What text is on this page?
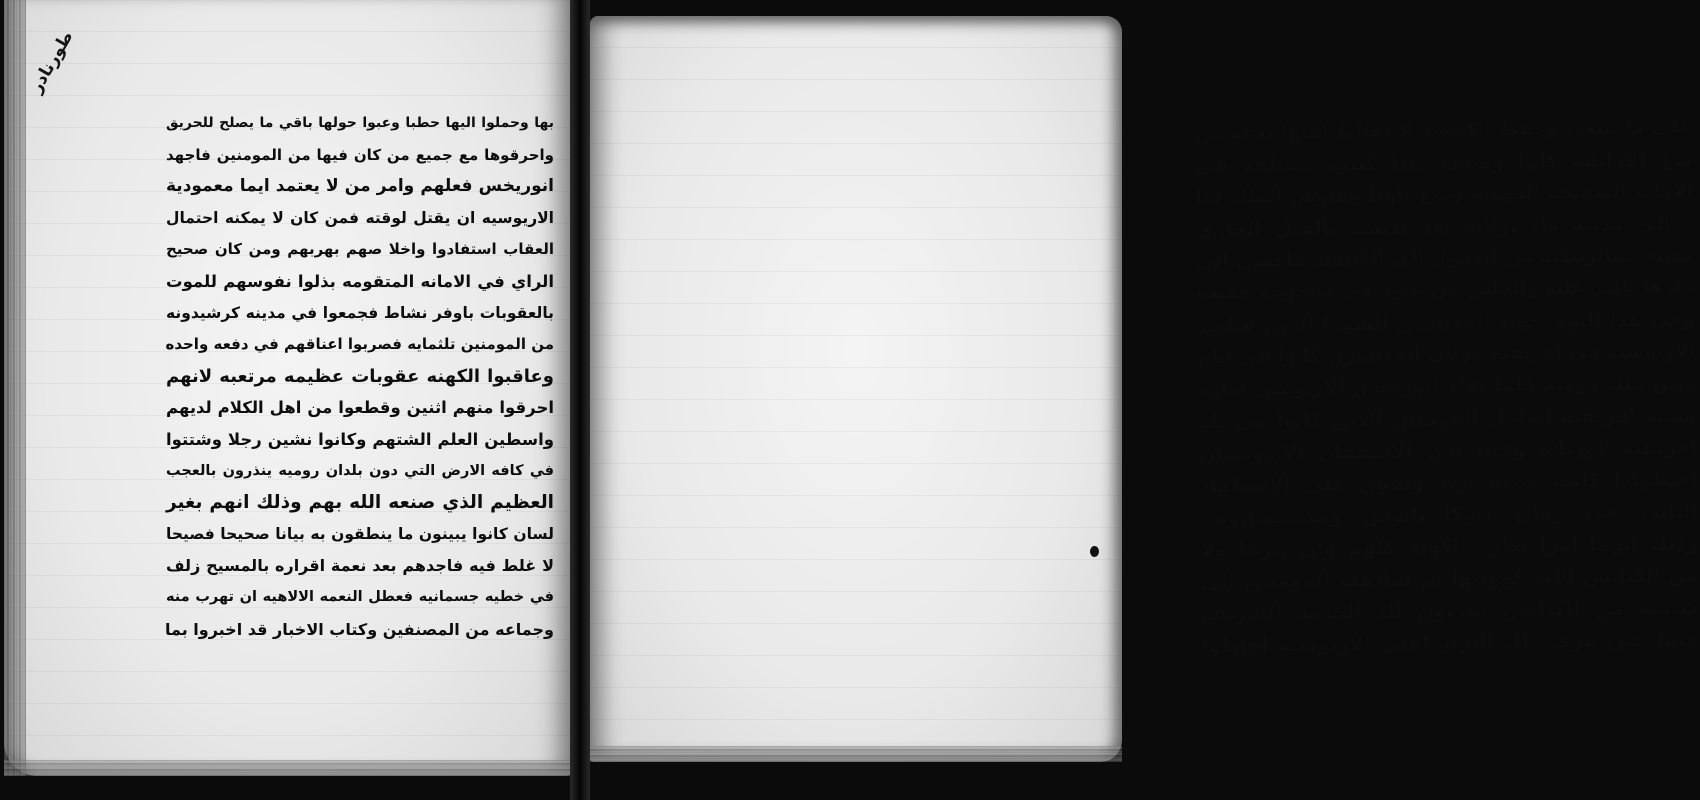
طورنادر
بها وحملوا اليها حطبا وعبوا حولها باقي ما يصلح للحريق
واحرقوها مع جميع من كان فيها من المومنين فاجهد
انوريخس فعلهم وامر من لا يعتمد ايما معمودية
الاريوسيه ان يقتل لوقته فمن كان لا يمكنه احتمال
العقاب استفادوا واخلا صهم بهربهم ومن كان صحيح
الراي في الامانه المتقومه بذلوا نفوسهم للموت
بالعقوبات باوفر نشاط فجمعوا في مدينه كرشيدونه
من المومنين تلثمايه فصربوا اعناقهم في دفعه واحده
وعاقبوا الكهنه عقوبات عظيمه مرتعبه لانهم
احرقوا منهم اثنين وقطعوا من اهل الكلام لديهم
واسطين العلم الشتهم وكانوا نشين رجلا وشتتوا
في كافه الارض التي دون بلدان روميه ينذرون بالعجب
العظيم الذي صنعه الله بهم وذلك انهم بغير
لسان كانوا يبينون ما ينطقون به بيانا صحيحا فصيحا
لا غلط فيه فاجدهم بعد نعمة اقراره بالمسيح زلف
في خطيه جسمانيه فعطل النعمه الالاهيه ان تهرب منه
وجماعه من المصنفين وكتاب الاخبار قد اخبروا بما
على ما ينبغي وحفظ الكنيسه لا تخالط اهلها بدعه من
بدع الاراتقه كلها وصنف كتبا كثيره مختلفه في
الامانه الصحيحه المهذبه ومنع ناوظوشيوس الملك لما
د الى مدينه ماذ يولانه بعد تدنسه بالقتل الجاري
مدينه تسالونيكيه من الدخول الى الكنيسه فافضي الى
ذكرها تاشر عليه والخلص من عنوه في شيخوخه حميده
وفي هذا اليوم جهاد القديسين الشهدا الذين قتلهم
الاريوسيه في افريقيه هولاي القديسون كانوا في ايام
زينن ملك روميه فلما تقلد انوريخس الاريوسي امارة
مدينه افريقيه اشاعل المومنين الذين كانوا في بلد
افريقيه كوزيلاه وقليا نذي الاسقفان الاريوسيان
اضطهادا كانت شدته تزيد وتفوق على الاضطهاد
الثاني في زمان ديوكليتيانوس ومكسيميانوس
وذلك انهما امرا بطرد الكهنه كلهم وان ينزعا ولا
من الكنايس الاث كهونتها ثم لماذهب المومنين الى
كنيسه من الكنايس يقربون لله الخدمه الشريفه
فيها حين عرف ذلك البربر اعني الاريوسيه احاطوا
